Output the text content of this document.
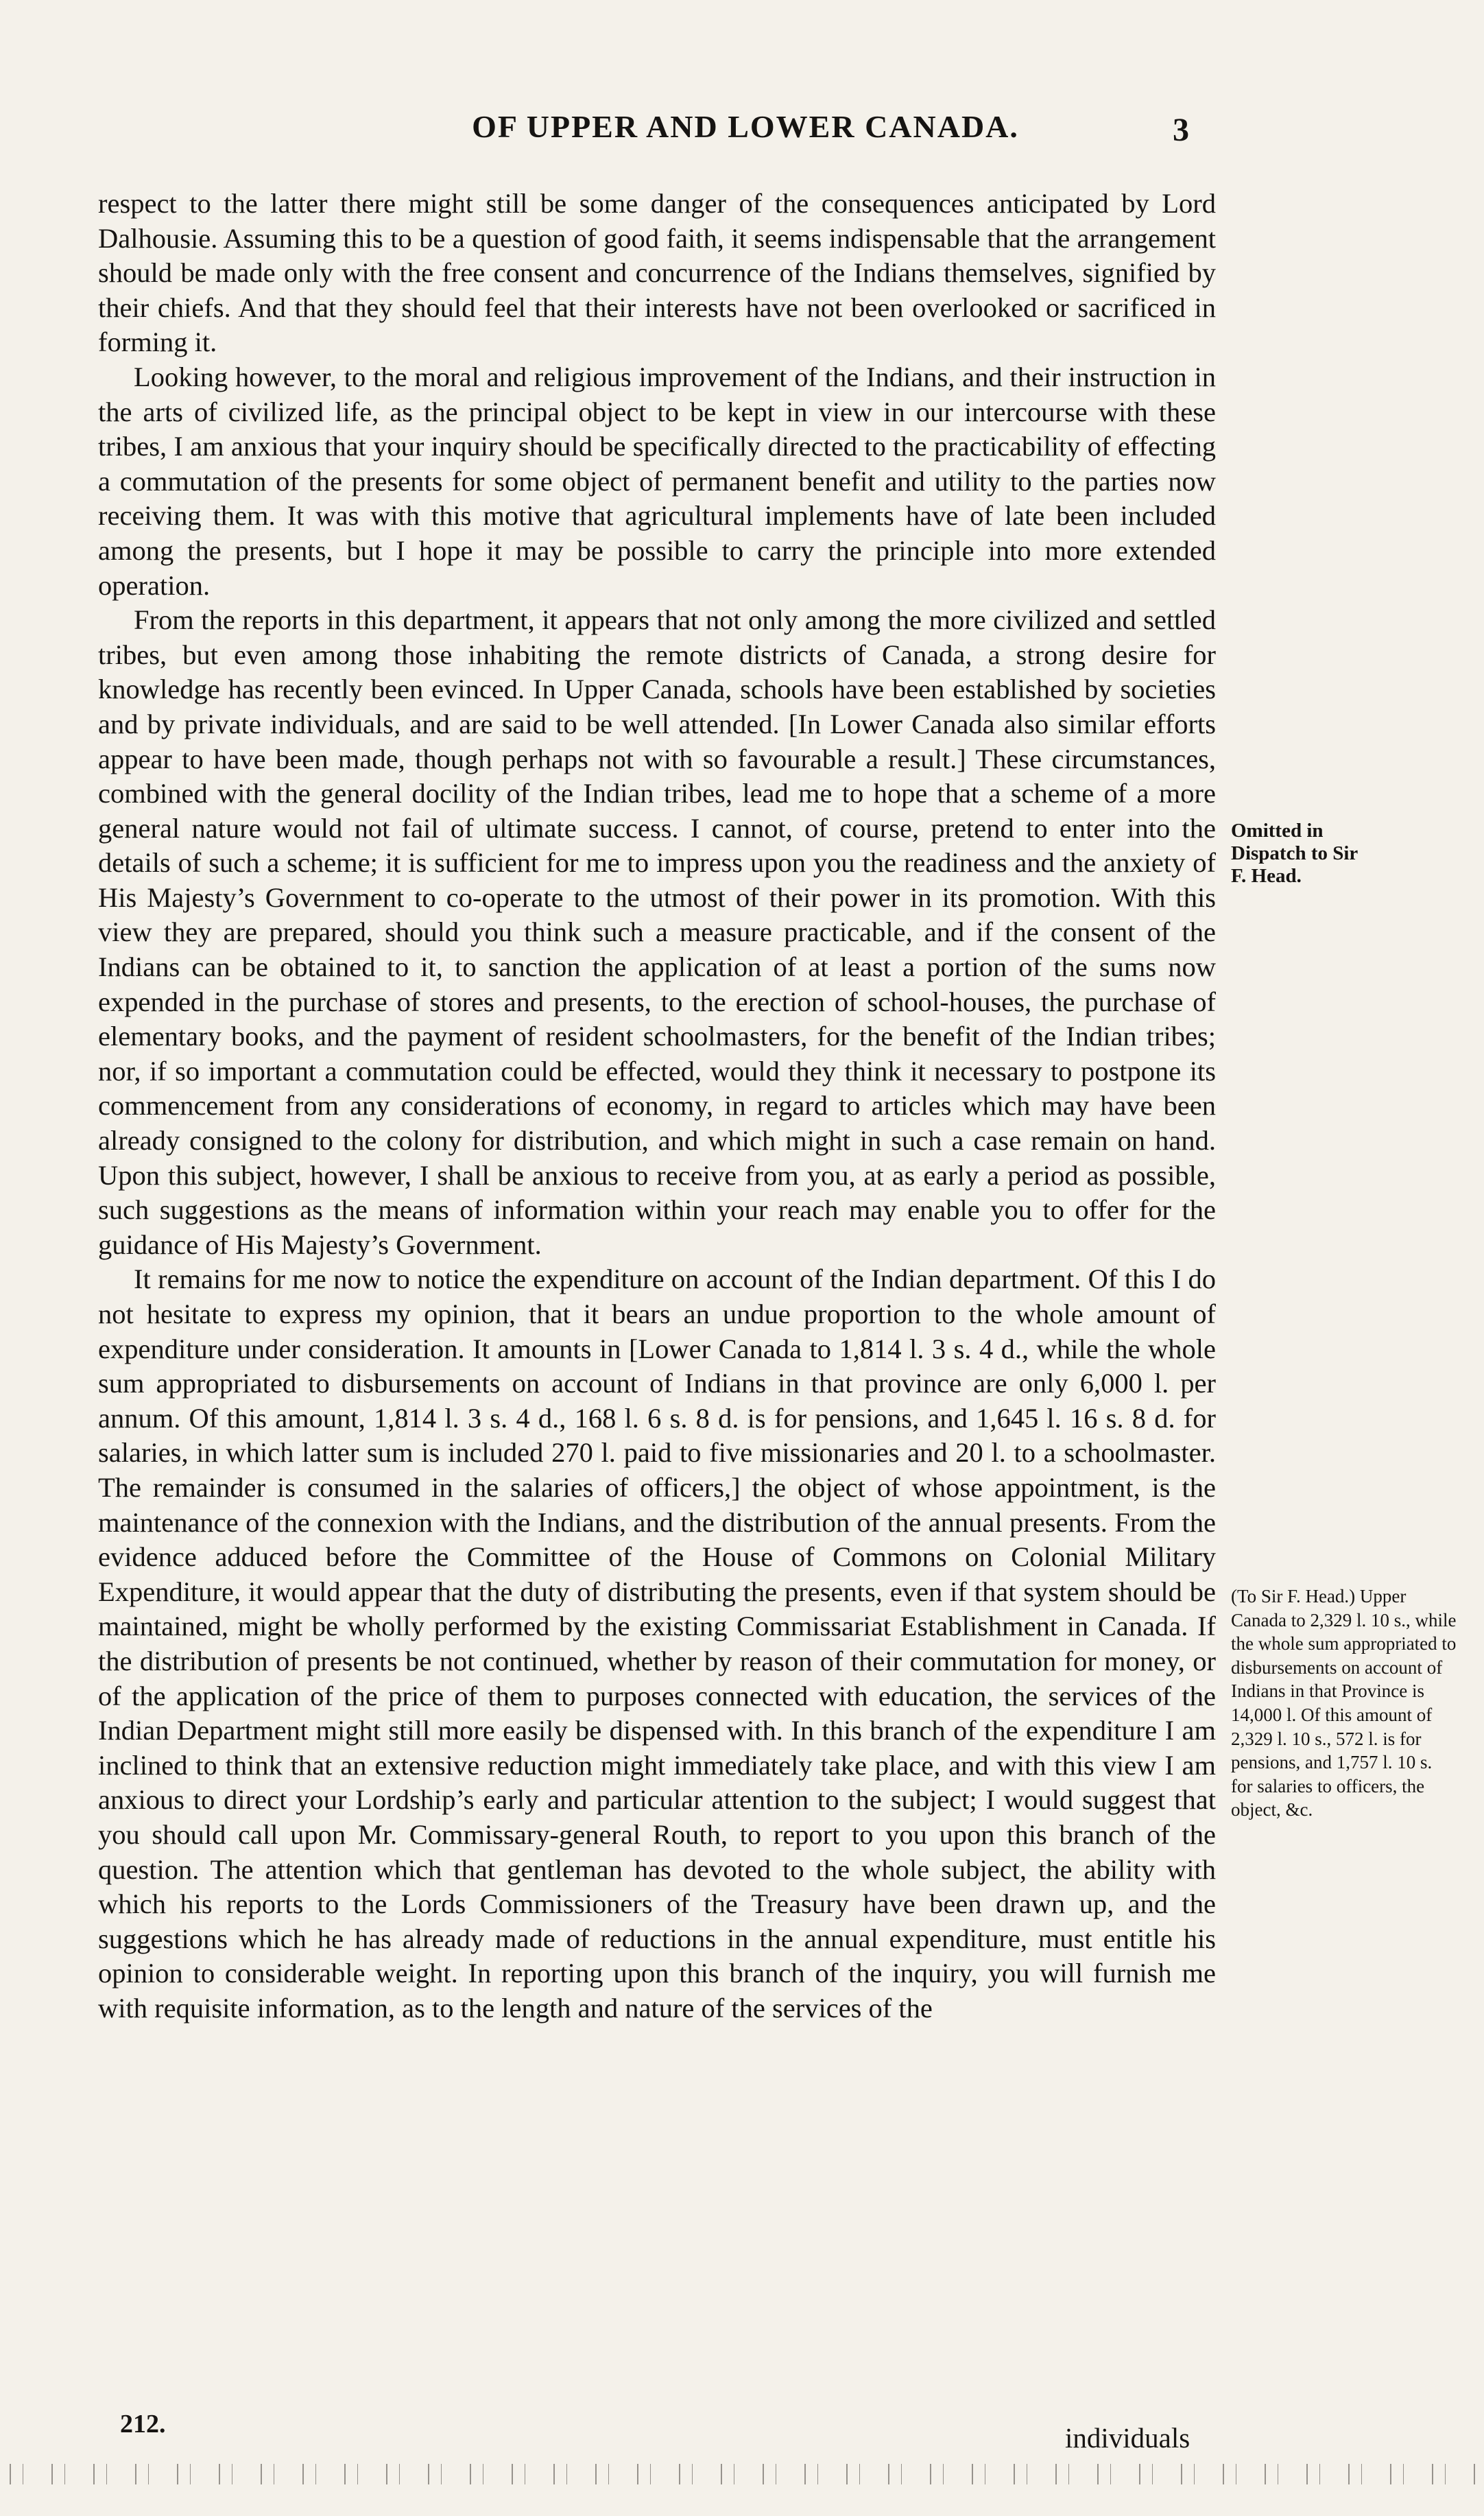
OF UPPER AND LOWER CANADA.	3

respect to the latter there might still be some danger of the consequences anticipated by Lord Dalhousie. Assuming this to be a question of good faith, it seems indispensable that the arrangement should be made only with the free consent and concurrence of the Indians themselves, signified by their chiefs. And that they should feel that their interests have not been overlooked or sacrificed in forming it.

Looking however, to the moral and religious improvement of the Indians, and their instruction in the arts of civilized life, as the principal object to be kept in view in our intercourse with these tribes, I am anxious that your inquiry should be specifically directed to the practicability of effecting a commutation of the presents for some object of permanent benefit and utility to the parties now receiving them. It was with this motive that agricultural implements have of late been included among the presents, but I hope it may be possible to carry the principle into more extended operation.

From the reports in this department, it appears that not only among the more civilized and settled tribes, but even among those inhabiting the remote districts of Canada, a strong desire for knowledge has recently been evinced. In Upper Canada, schools have been established by societies and by private individuals, and are said to be well attended. [In Lower Canada also similar efforts appear to have been made, though perhaps not with so favourable a result.] These circumstances, combined with the general docility of the Indian tribes, lead me to hope that a scheme of a more general nature would not fail of ultimate success. I cannot, of course, pretend to enter into the details of such a scheme; it is sufficient for me to impress upon you the readiness and the anxiety of His Majesty’s Government to co-operate to the utmost of their power in its promotion. With this view they are prepared, should you think such a measure practicable, and if the consent of the Indians can be obtained to it, to sanction the application of at least a portion of the sums now expended in the purchase of stores and presents, to the erection of school-houses, the purchase of elementary books, and the payment of resident schoolmasters, for the benefit of the Indian tribes; nor, if so important a commutation could be effected, would they think it necessary to postpone its commencement from any considerations of economy, in regard to articles which may have been already consigned to the colony for distribution, and which might in such a case remain on hand. Upon this subject, however, I shall be anxious to receive from you, at as early a period as possible, such suggestions as the means of information within your reach may enable you to offer for the guidance of His Majesty’s Government.

It remains for me now to notice the expenditure on account of the Indian department. Of this I do not hesitate to express my opinion, that it bears an undue proportion to the whole amount of expenditure under consideration. It amounts in [Lower Canada to 1,814 l. 3 s. 4 d., while the whole sum appropriated to disbursements on account of Indians in that province are only 6,000 l. per annum. Of this amount, 1,814 l. 3 s. 4 d., 168 l. 6 s. 8 d. is for pensions, and 1,645 l. 16 s. 8 d. for salaries, in which latter sum is included 270 l. paid to five missionaries and 20 l. to a schoolmaster. The remainder is consumed in the salaries of officers,] the object of whose appointment, is the maintenance of the connexion with the Indians, and the distribution of the annual presents. From the evidence adduced before the Committee of the House of Commons on Colonial Military Expenditure, it would appear that the duty of distributing the presents, even if that system should be maintained, might be wholly performed by the existing Commissariat Establishment in Canada. If the distribution of presents be not continued, whether by reason of their commutation for money, or of the application of the price of them to purposes connected with education, the services of the Indian Department might still more easily be dispensed with. In this branch of the expenditure I am inclined to think that an extensive reduction might immediately take place, and with this view I am anxious to direct your Lordship’s early and particular attention to the subject; I would suggest that you should call upon Mr. Commissary-general Routh, to report to you upon this branch of the question. The attention which that gentleman has devoted to the whole subject, the ability with which his reports to the Lords Commissioners of the Treasury have been drawn up, and the suggestions which he has already made of reductions in the annual expenditure, must entitle his opinion to considerable weight. In reporting upon this branch of the inquiry, you will furnish me with requisite information, as to the length and nature of the services of the

Omitted in Dispatch to Sir F. Head.
(To Sir F. Head.) Upper Canada to 2,329 l. 10 s., while the whole sum appropriated to disbursements on account of Indians in that Province is 14,000 l. Of this amount of 2,329 l. 10 s., 572 l. is for pensions, and 1,757 l. 10 s. for salaries to officers, the object, &c.
212.	individuals
